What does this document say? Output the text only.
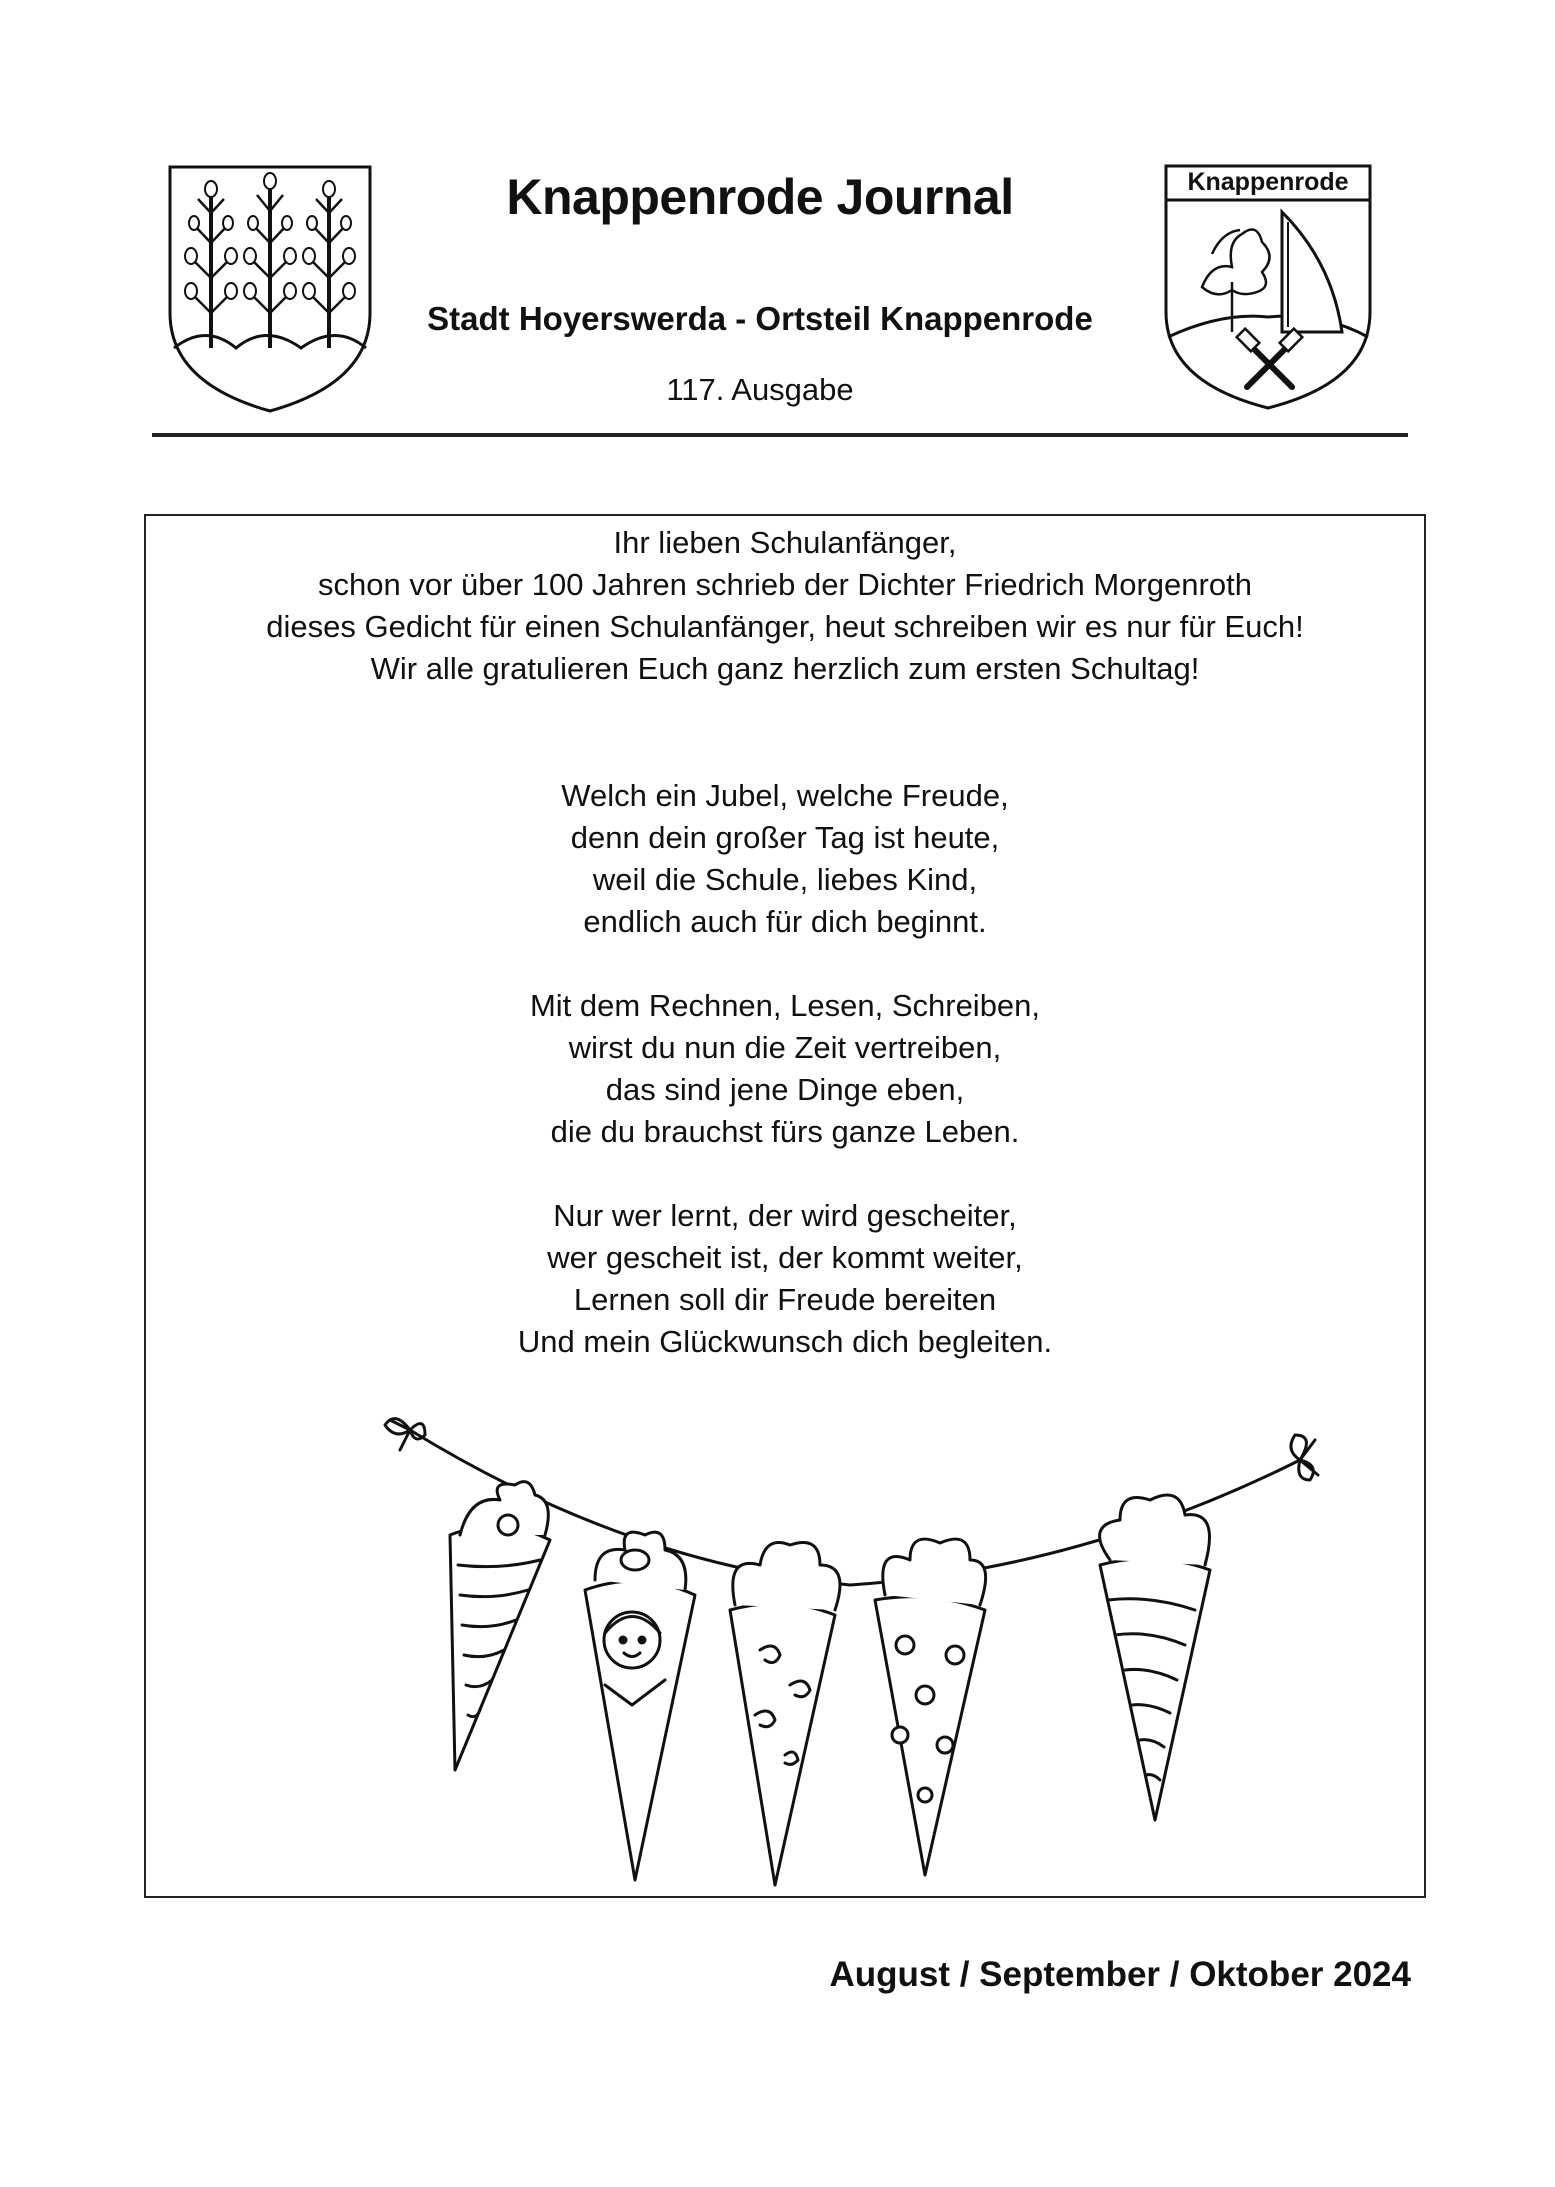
Knappenrode
Knappenrode Journal
Stadt Hoyerswerda - Ortsteil Knappenrode
117. Ausgabe
Ihr lieben Schulanfänger,
schon vor über 100 Jahren schrieb der Dichter Friedrich Morgenroth
dieses Gedicht für einen Schulanfänger, heut schreiben wir es nur für Euch!
Wir alle gratulieren Euch ganz herzlich zum ersten Schultag!
Welch ein Jubel, welche Freude,
denn dein großer Tag ist heute,
weil die Schule, liebes Kind,
endlich auch für dich beginnt.
Mit dem Rechnen, Lesen, Schreiben,
wirst du nun die Zeit vertreiben,
das sind jene Dinge eben,
die du brauchst fürs ganze Leben.
Nur wer lernt, der wird gescheiter,
wer gescheit ist, der kommt weiter,
Lernen soll dir Freude bereiten
Und mein Glückwunsch dich begleiten.
August / September / Oktober 2024
